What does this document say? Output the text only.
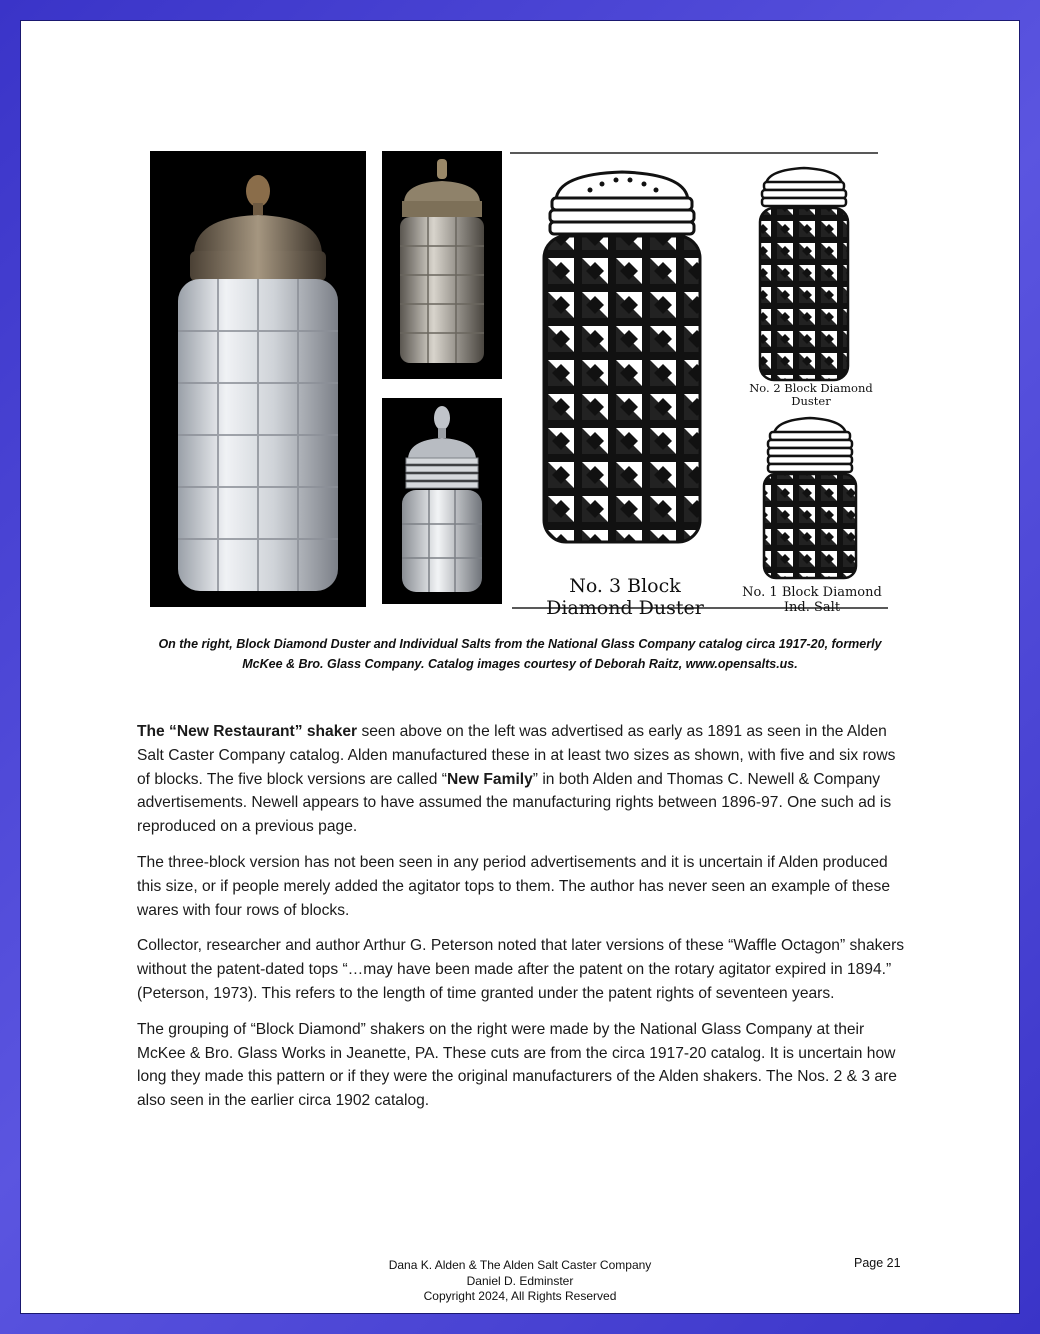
No. 3 Block Diamond Duster
No. 2 Block Diamond Duster
No. 1 Block Diamond Ind. Salt
On the right, Block Diamond Duster and Individual Salts from the National Glass Company catalog circa 1917-20, formerly
McKee & Bro. Glass Company. Catalog images courtesy of Deborah Raitz, www.opensalts.us.

The “New Restaurant” shaker seen above on the left was advertised as early as 1891 as seen in the Alden Salt Caster Company catalog. Alden manufactured these in at least two sizes as shown, with five and six rows of blocks. The five block versions are called “New Family” in both Alden and Thomas C. Newell & Company advertisements. Newell appears to have assumed the manufacturing rights between 1896-97. One such ad is reproduced on a previous page.

The three-block version has not been seen in any period advertisements and it is uncertain if Alden produced this size, or if people merely added the agitator tops to them. The author has never seen an example of these wares with four rows of blocks.

Collector, researcher and author Arthur G. Peterson noted that later versions of these “Waffle Octagon” shakers without the patent-dated tops “…may have been made after the patent on the rotary agitator expired in 1894.” (Peterson, 1973). This refers to the length of time granted under the patent rights of seventeen years.

The grouping of “Block Diamond” shakers on the right were made by the National Glass Company at their McKee & Bro. Glass Works in Jeanette, PA. These cuts are from the circa 1917-20 catalog. It is uncertain how long they made this pattern or if they were the original manufacturers of the Alden shakers. The Nos. 2 & 3 are also seen in the earlier circa 1902 catalog.

Dana K. Alden & The Alden Salt Caster Company
Daniel D. Edminster
Copyright 2024, All Rights Reserved
Page 21
